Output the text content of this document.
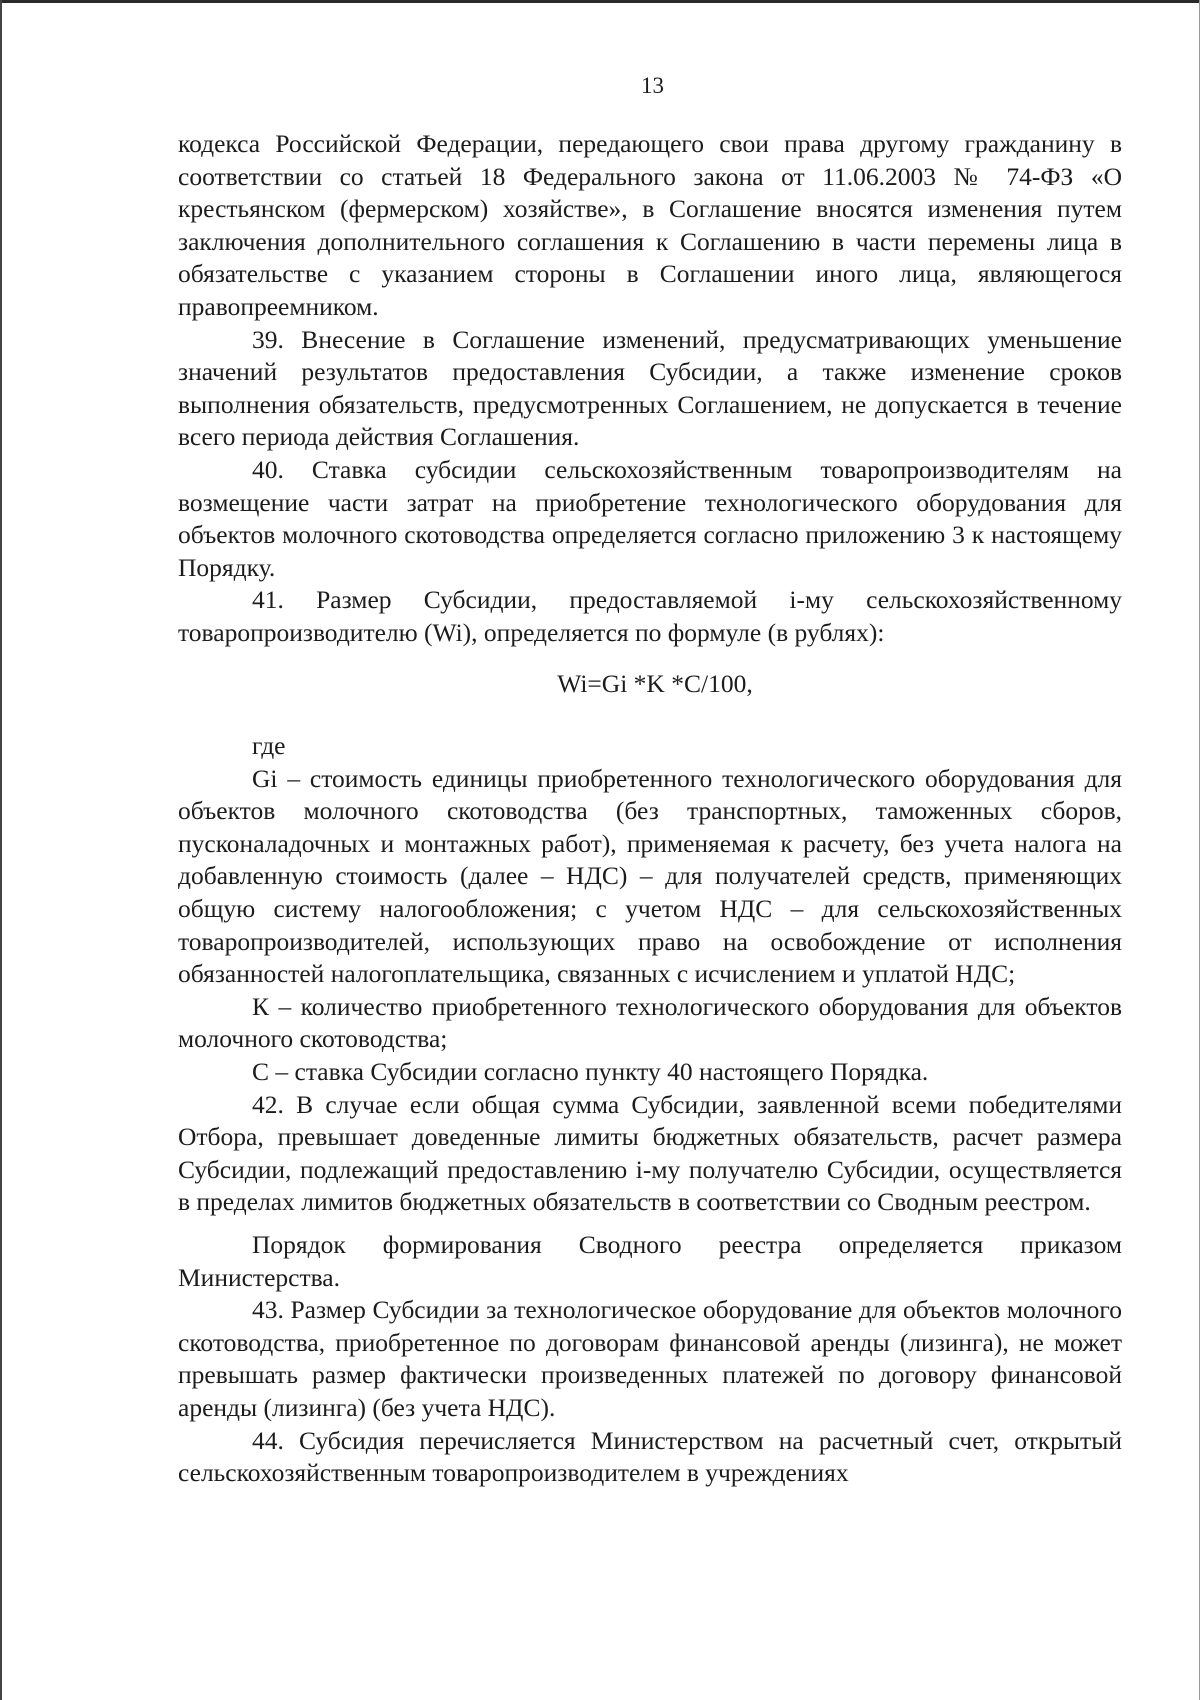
13

кодекса Российской Федерации, передающего свои права другому гражданину в соответствии со статьей 18 Федерального закона от 11.06.2003 № 74-ФЗ «О крестьянском (фермерском) хозяйстве», в Соглашение вносятся изменения путем заключения дополнительного соглашения к Соглашению в части перемены лица в обязательстве с указанием стороны в Соглашении иного лица, являющегося правопреемником.

39. Внесение в Соглашение изменений, предусматривающих уменьшение значений результатов предоставления Субсидии, а также изменение сроков выполнения обязательств, предусмотренных Соглашением, не допускается в течение всего периода действия Соглашения.

40. Ставка субсидии сельскохозяйственным товаропроизводителям на возмещение части затрат на приобретение технологического оборудования для объектов молочного скотоводства определяется согласно приложению 3 к настоящему Порядку.

41. Размер Субсидии, предоставляемой i-му сельскохозяйственному товаропроизводителю (Wi), определяется по формуле (в рублях):

Wi=Gi *K *C/100,

где

Gi – стоимость единицы приобретенного технологического оборудования для объектов молочного скотоводства (без транспортных, таможенных сборов, пусконаладочных и монтажных работ), применяемая к расчету, без учета налога на добавленную стоимость (далее – НДС) – для получателей средств, применяющих общую систему налогообложения; с учетом НДС – для сельскохозяйственных товаропроизводителей, использующих право на освобождение от исполнения обязанностей налогоплательщика, связанных с исчислением и уплатой НДС;

К – количество приобретенного технологического оборудования для объектов молочного скотоводства;

С – ставка Субсидии согласно пункту 40 настоящего Порядка.

42. В случае если общая сумма Субсидии, заявленной всеми победителями Отбора, превышает доведенные лимиты бюджетных обязательств, расчет размера Субсидии, подлежащий предоставлению i-му получателю Субсидии, осуществляется в пределах лимитов бюджетных обязательств в соответствии со Сводным реестром.

Порядок формирования Сводного реестра определяется приказом Министерства.

43. Размер Субсидии за технологическое оборудование для объектов молочного скотоводства, приобретенное по договорам финансовой аренды (лизинга), не может превышать размер фактически произведенных платежей по договору финансовой аренды (лизинга) (без учета НДС).

44. Субсидия перечисляется Министерством на расчетный счет, открытый сельскохозяйственным товаропроизводителем в учреждениях
